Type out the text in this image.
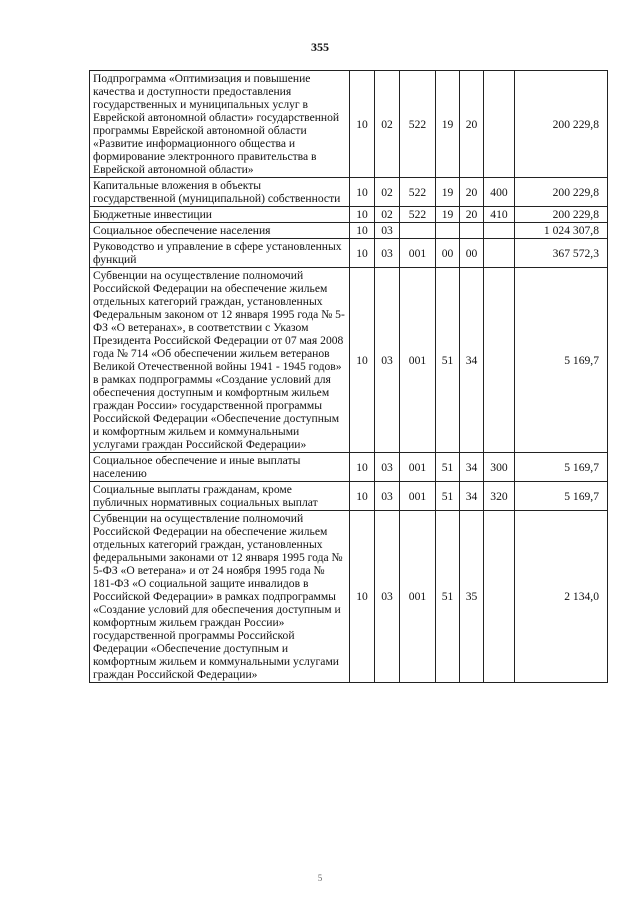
355
Подпрограмма «Оптимизация и повышение качества и доступности предоставления государственных и муниципальных услуг в Еврейской автономной области» государственной программы Еврейской автономной области «Развитие информационного общества и формирование электронного правительства в Еврейской автономной области»	10	02	522	19	20		200 229,8
Капитальные вложения в объекты государственной (муниципальной) собственности	10	02	522	19	20	400	200 229,8
Бюджетные инвестиции	10	02	522	19	20	410	200 229,8
Социальное обеспечение населения	10	03					1 024 307,8
Руководство и управление в сфере установленных функций	10	03	001	00	00		367 572,3
Субвенции на осуществление полномочий Российской Федерации на обеспечение жильем отдельных категорий граждан, установленных Федеральным законом от 12 января 1995 года № 5-ФЗ «О ветеранах», в соответствии с Указом Президента Российской Федерации от 07 мая 2008 года № 714 «Об обеспечении жильем ветеранов Великой Отечественной войны 1941 - 1945 годов» в рамках подпрограммы «Создание условий для обеспечения доступным и комфортным жильем граждан России» государственной программы Российской Федерации «Обеспечение доступным и комфортным жильем и коммунальными услугами граждан Российской Федерации»	10	03	001	51	34		5 169,7
Социальное обеспечение и иные выплаты населению	10	03	001	51	34	300	5 169,7
Социальные выплаты гражданам, кроме публичных нормативных социальных выплат	10	03	001	51	34	320	5 169,7
Субвенции на осуществление полномочий Российской Федерации на обеспечение жильем отдельных категорий граждан, установленных федеральными законами от 12 января 1995 года № 5-ФЗ «О ветерана» и от 24 ноября 1995 года № 181-ФЗ «О социальной защите инвалидов в Российской Федерации» в рамках подпрограммы «Создание условий для обеспечения доступным и комфортным жильем граждан России» государственной программы Российской Федерации «Обеспечение доступным и комфортным жильем и коммунальными услугами граждан Российской Федерации»	10	03	001	51	35		2 134,0
5
